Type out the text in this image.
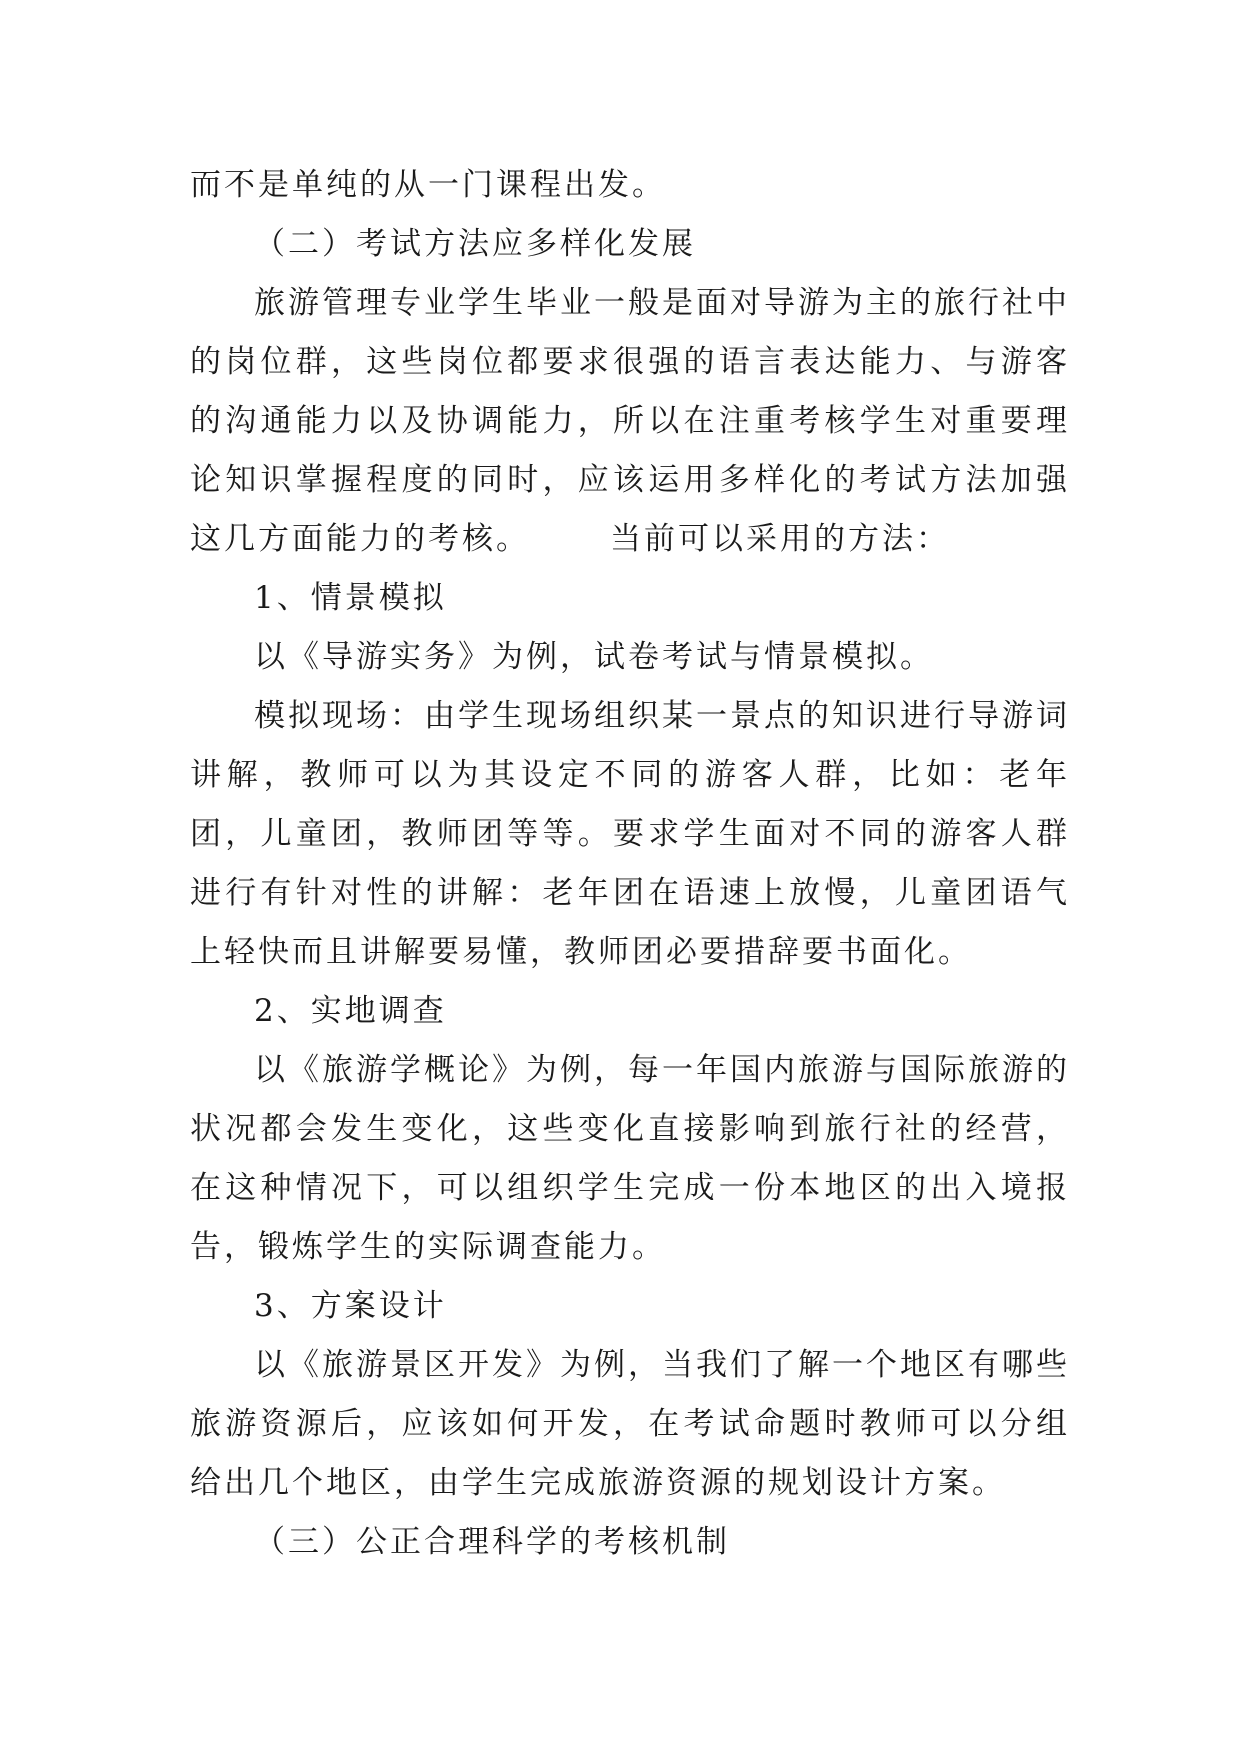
而不是单纯的从一门课程出发。

（二）考试方法应多样化发展

旅游管理专业学生毕业一般是面对导游为主的旅行社中的岗位群，这些岗位都要求很强的语言表达能力、与游客的沟通能力以及协调能力，所以在注重考核学生对重要理论知识掌握程度的同时，应该运用多样化的考试方法加强这几方面能力的考核。	当前可以采用的方法：

1、情景模拟

以《导游实务》为例，试卷考试与情景模拟。

模拟现场：由学生现场组织某一景点的知识进行导游词讲解，教师可以为其设定不同的游客人群，比如：老年团，儿童团，教师团等等。要求学生面对不同的游客人群进行有针对性的讲解：老年团在语速上放慢，儿童团语气上轻快而且讲解要易懂，教师团必要措辞要书面化。

2、实地调查

以《旅游学概论》为例，每一年国内旅游与国际旅游的状况都会发生变化，这些变化直接影响到旅行社的经营，在这种情况下，可以组织学生完成一份本地区的出入境报告，锻炼学生的实际调查能力。

3、方案设计

以《旅游景区开发》为例，当我们了解一个地区有哪些旅游资源后，应该如何开发，在考试命题时教师可以分组给出几个地区，由学生完成旅游资源的规划设计方案。

（三）公正合理科学的考核机制
